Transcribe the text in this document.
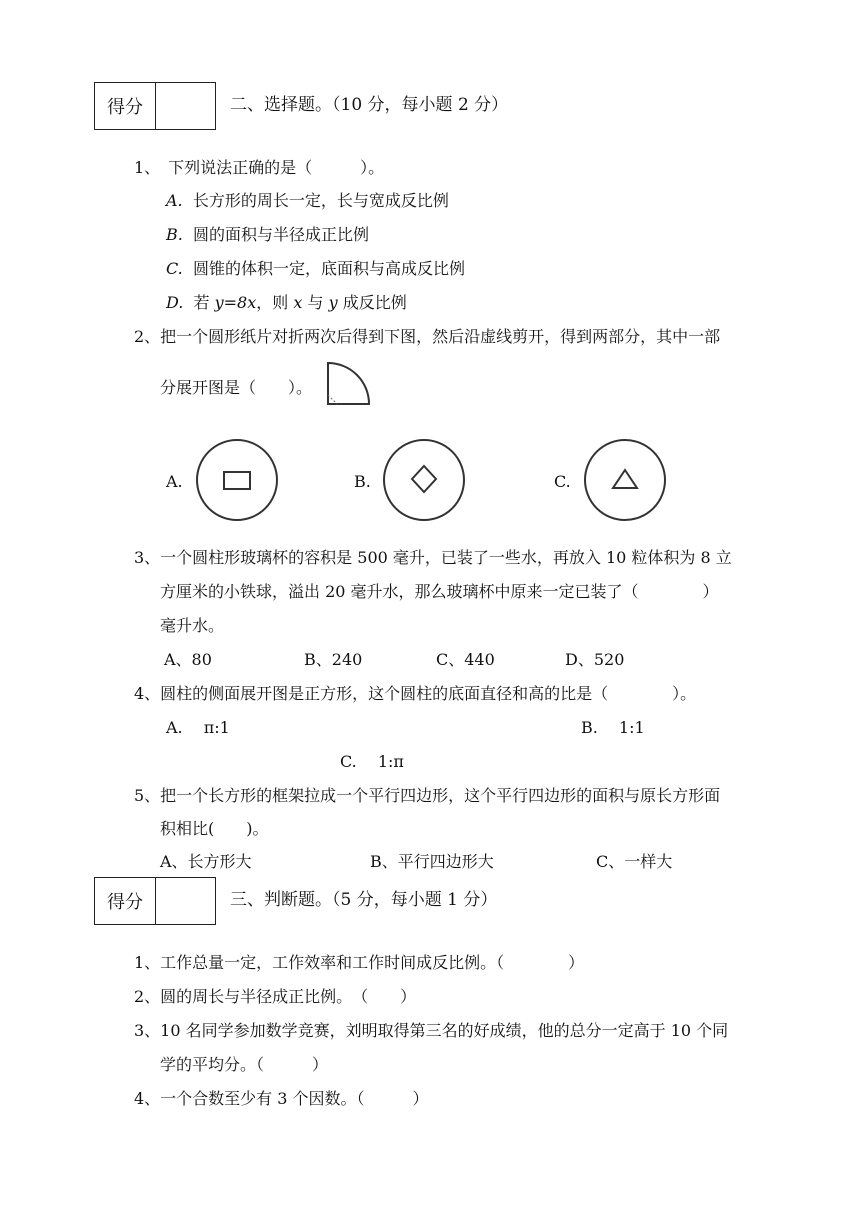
得分	二、选择题。（10 分，每小题 2 分）
1、　下列说法正确的是（　　　）。
A. 长方形的周长一定，长与宽成反比例
B. 圆的面积与半径成正比例
C. 圆锥的体积一定，底面积与高成反比例
D. 若 y=8x，则 x 与 y 成反比例
2、把一个圆形纸片对折两次后得到下图，然后沿虚线剪开，得到两部分，其中一部
分展开图是（　　）。
A.	B.	C.
3、一个圆柱形玻璃杯的容积是 500 毫升，已装了一些水，再放入 10 粒体积为 8 立
方厘米的小铁球，溢出 20 毫升水，那么玻璃杯中原来一定已装了（　　　　）
毫升水。
A、80	B、240	C、440	D、520
4、圆柱的侧面展开图是正方形，这个圆柱的底面直径和高的比是（　　　　）。
A.　 π:1	B.　 1:1
C.　 1:π
5、把一个长方形的框架拉成一个平行四边形，这个平行四边形的面积与原长方形面
积相比(　　)。
A、长方形大	B、平行四边形大	C、一样大
得分	三、判断题。（5 分，每小题 1 分）
1、工作总量一定，工作效率和工作时间成反比例。（　　　　）
2、圆的周长与半径成正比例。　（　　）
3、10 名同学参加数学竞赛，刘明取得第三名的好成绩，他的总分一定高于 10 个同
学的平均分。（　　　）
4、一个合数至少有 3 个因数。（　　　）
